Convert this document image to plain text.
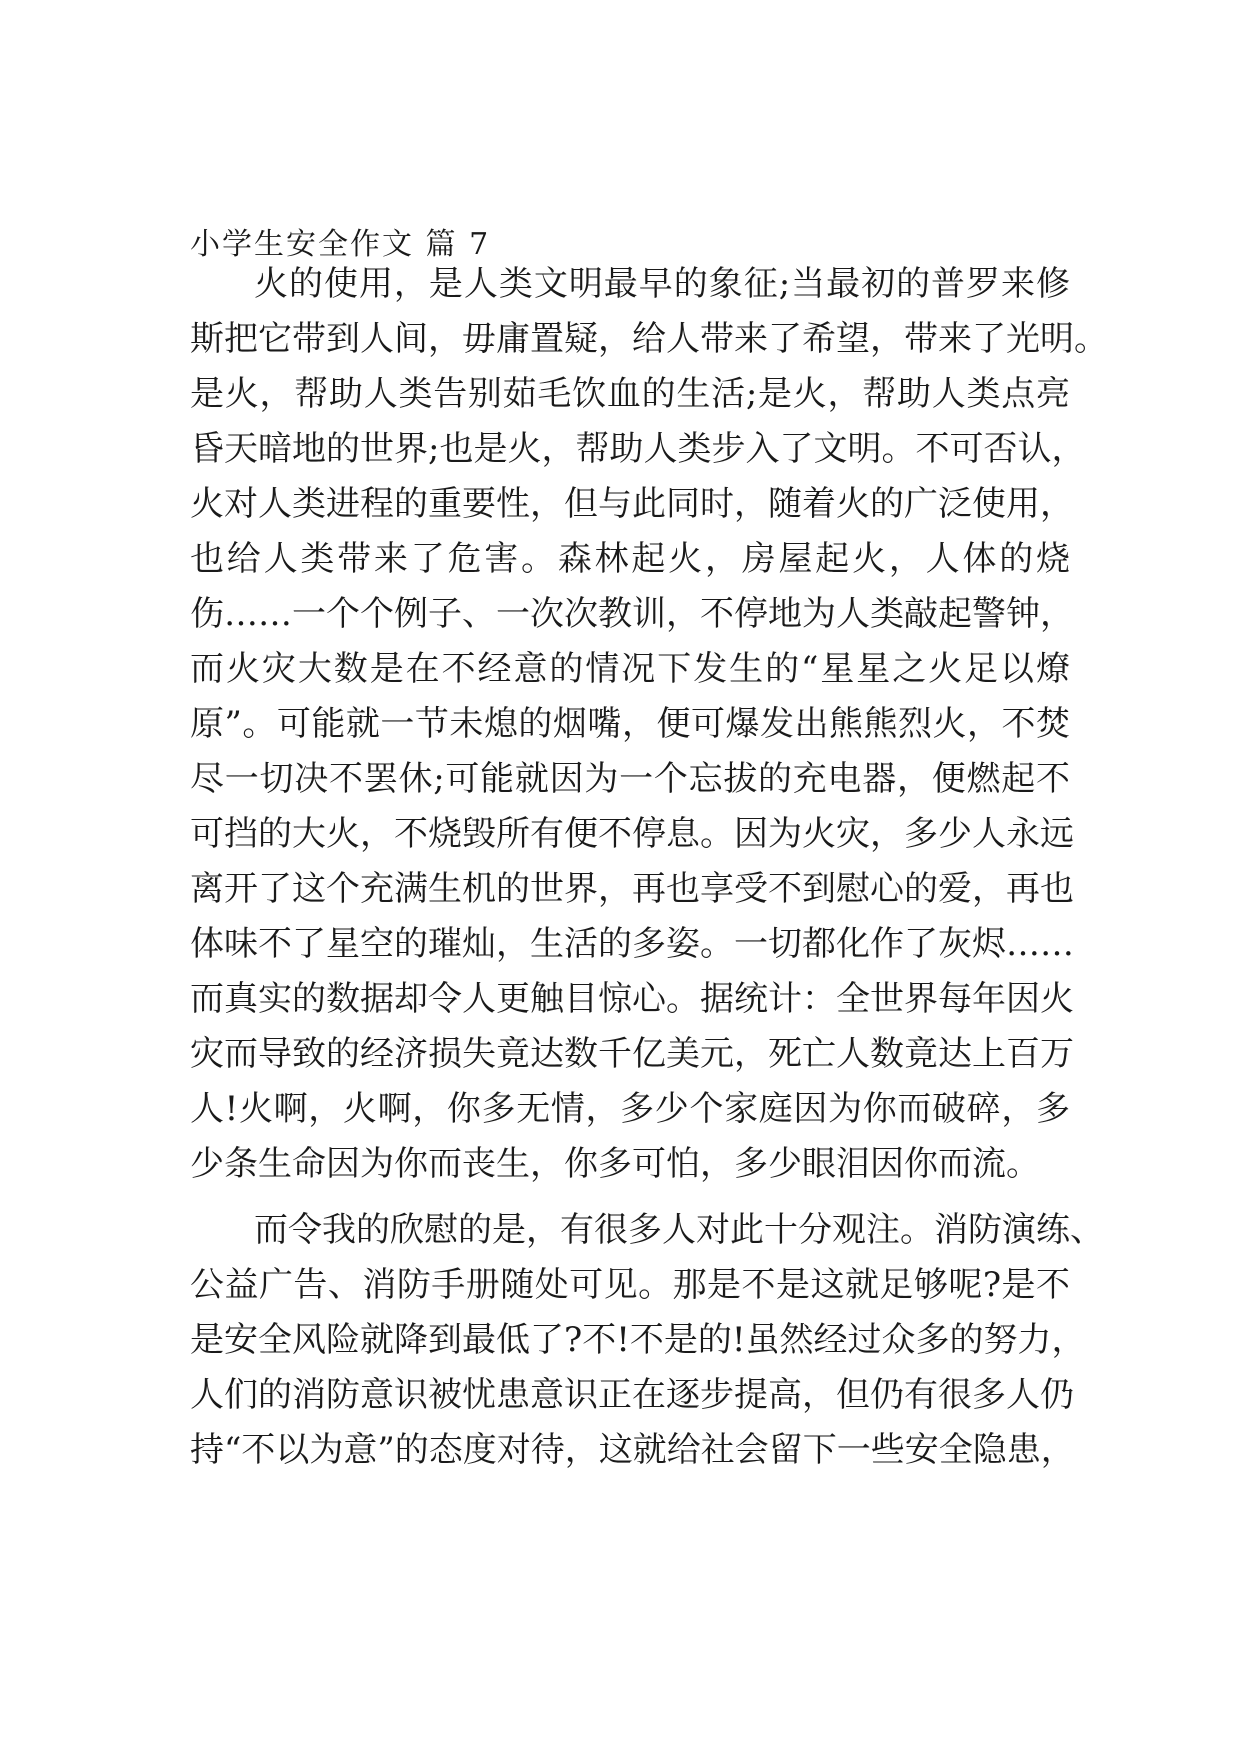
小学生安全作文 篇 7
火的使用，是人类文明最早的象征;当最初的普罗来修
斯把它带到人间，毋庸置疑，给人带来了希望，带来了光明。
是火，帮助人类告别茹毛饮血的生活;是火，帮助人类点亮
昏天暗地的世界;也是火，帮助人类步入了文明。不可否认，
火对人类进程的重要性，但与此同时，随着火的广泛使用，
也给人类带来了危害。森林起火，房屋起火，人体的烧
伤……一个个例子、一次次教训，不停地为人类敲起警钟，
而火灾大数是在不经意的情况下发生的“星星之火足以燎
原”。可能就一节未熄的烟嘴，便可爆发出熊熊烈火，不焚
尽一切决不罢休;可能就因为一个忘拔的充电器，便燃起不
可挡的大火，不烧毁所有便不停息。因为火灾，多少人永远
离开了这个充满生机的世界，再也享受不到慰心的爱，再也
体味不了星空的璀灿，生活的多姿。一切都化作了灰烬……
而真实的数据却令人更触目惊心。据统计：全世界每年因火
灾而导致的经济损失竟达数千亿美元，死亡人数竟达上百万
人!火啊，火啊，你多无情，多少个家庭因为你而破碎，多
少条生命因为你而丧生，你多可怕，多少眼泪因你而流。
而令我的欣慰的是，有很多人对此十分观注。消防演练、
公益广告、消防手册随处可见。那是不是这就足够呢?是不
是安全风险就降到最低了?不!不是的!虽然经过众多的努力，
人们的消防意识被忧患意识正在逐步提高，但仍有很多人仍
持“不以为意”的态度对待，这就给社会留下一些安全隐患，
